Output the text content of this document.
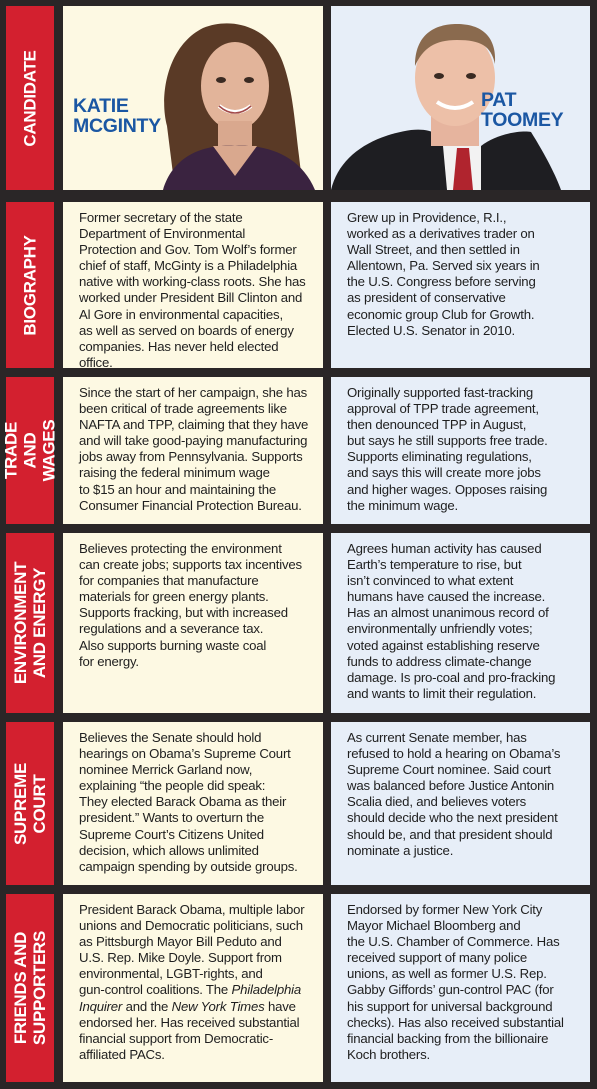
CANDIDATE KATIE
MCGINTY
PAT
TOOMEY
BIOGRAPHY

Former secretary of the state
Department of Environmental
Protection and Gov. Tom Wolf’s former
chief of staff, McGinty is a Philadelphia
native with working-class roots. She has
worked under President Bill Clinton and
Al Gore in environmental capacities,
as well as served on boards of energy
companies. Has never held elected office.

Grew up in Providence, R.I.,
worked as a derivatives trader on
Wall Street, and then settled in
Allentown, Pa. Served six years in
the U.S. Congress before serving
as president of conservative
economic group Club for Growth.
Elected U.S. Senator in 2010.

TRADE AND
WAGES

Since the start of her campaign, she has
been critical of trade agreements like
NAFTA and TPP, claiming that they have
and will take good-paying manufacturing
jobs away from Pennsylvania. Supports
raising the federal minimum wage
to $15 an hour and maintaining the
Consumer Financial Protection Bureau.

Originally supported fast-tracking
approval of TPP trade agreement,
then denounced TPP in August,
but says he still supports free trade.
Supports eliminating regulations,
and says this will create more jobs
and higher wages. Opposes raising
the minimum wage.

ENVIRONMENT
AND ENERGY

Believes protecting the environment
can create jobs; supports tax incentives
for companies that manufacture
materials for green energy plants.
Supports fracking, but with increased
regulations and a severance tax.
Also supports burning waste coal
for energy.

Agrees human activity has caused
Earth’s temperature to rise, but
isn’t convinced to what extent
humans have caused the increase.
Has an almost unanimous record of
environmentally unfriendly votes;
voted against establishing reserve
funds to address climate-change
damage. Is pro-coal and pro-fracking
and wants to limit their regulation.

SUPREME
COURT

Believes the Senate should hold
hearings on Obama’s Supreme Court
nominee Merrick Garland now,
explaining “the people did speak:
They elected Barack Obama as their
president.” Wants to overturn the
Supreme Court’s Citizens United
decision, which allows unlimited
campaign spending by outside groups.

As current Senate member, has
refused to hold a hearing on Obama’s
Supreme Court nominee. Said court
was balanced before Justice Antonin
Scalia died, and believes voters
should decide who the next president
should be, and that president should
nominate a justice.

FRIENDS AND
SUPPORTERS

President Barack Obama, multiple labor
unions and Democratic politicians, such
as Pittsburgh Mayor Bill Peduto and
U.S. Rep. Mike Doyle. Support from
environmental, LGBT-rights, and
gun-control coalitions. The Philadelphia
Inquirer and the New York Times have
endorsed her. Has received substantial
financial support from Democratic-
affiliated PACs.

Endorsed by former New York City
Mayor Michael Bloomberg and
the U.S. Chamber of Commerce. Has
received support of many police
unions, as well as former U.S. Rep.
Gabby Giffords’ gun-control PAC (for
his support for universal background
checks). Has also received substantial
financial backing from the billionaire
Koch brothers.
